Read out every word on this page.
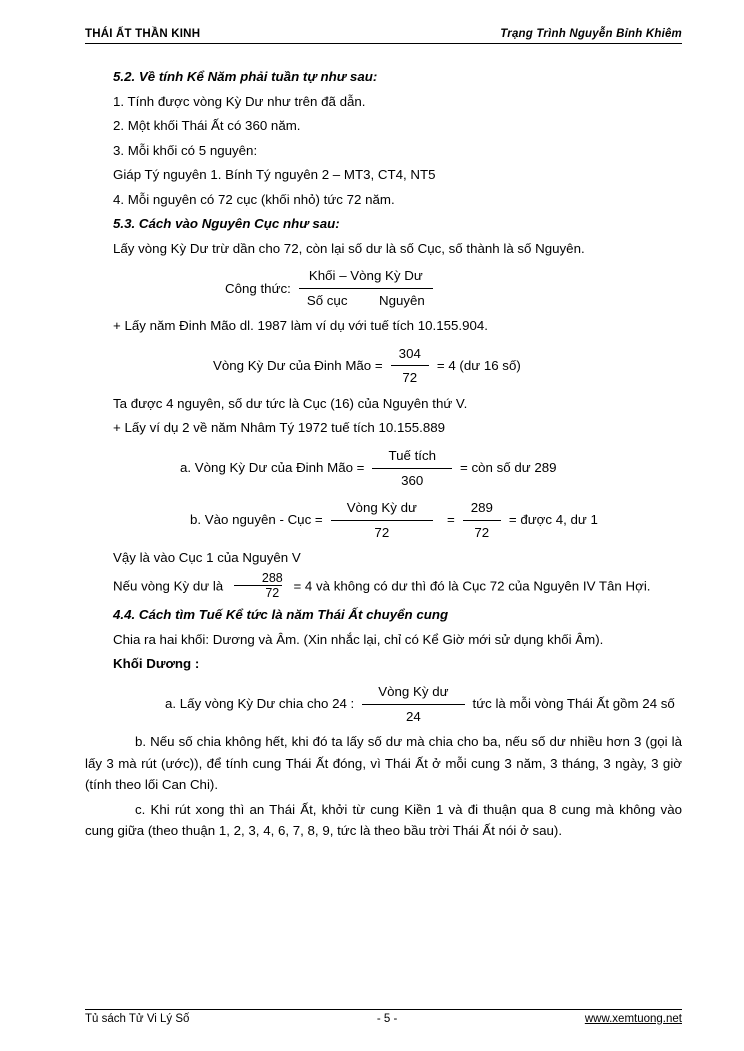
THÁI ẤT THẦN KINH	Trạng Trình Nguyễn Bỉnh Khiêm

5.2. Về tính Kể Năm phải tuần tự như sau:

1. Tính được vòng Kỳ Dư như trên đã dẫn.

2. Một khối Thái Ất có 360 năm.

3. Mỗi khối có 5 nguyên:

Giáp Tý nguyên 1. Bính Tý nguyên 2 – MT3, CT4, NT5

4. Mỗi nguyên có 72 cục (khối nhỏ) tức 72 năm.

5.3. Cách vào Nguyên Cục như sau:

Lấy vòng Kỳ Dư trừ dần cho 72, còn lại số dư là số Cục, số thành là số Nguyên.

Công thức: $\frac{\text{Khối – Vòng Kỳ Dư}}{\text{Số cục Nguyên}}$

+ Lấy năm Đinh Mão dl. 1987 làm ví dụ với tuế tích 10.155.904.

Vòng Kỳ Dư của Đinh Mão = $\frac{304}{72} = 4$ (dư 16 số)

Ta được 4 nguyên, số dư tức là Cục (16) của Nguyên thứ V.

+ Lấy ví dụ 2 về năm Nhâm Tý 1972 tuế tích 10.155.889

a. Vòng Kỳ Dư của Đinh Mão = $\frac{\text{Tuế tích}}{360}$ = còn số dư 289
b. Vào nguyên - Cục = $\frac{\text{Vòng Kỳ dư}}{72} = \frac{289}{72}$ = được 4, dư 1

Vậy là vào Cục 1 của Nguyên V

Nếu vòng Kỳ dư là $\frac{288}{72} = 4$ và không có dư thì đó là Cục 72 của Nguyên IV Tân Hợi.

4.4. Cách tìm Tuế Kể tức là năm Thái Ất chuyển cung

Chia ra hai khối: Dương và Âm. (Xin nhắc lại, chỉ có Kể Giờ mới sử dụng khối Âm).

Khối Dương :

a. Lấy vòng Kỳ Dư chia cho 24 : $\frac{\text{Vòng Kỳ dư}}{24}$ tức là mỗi vòng Thái Ất gồm 24 số

b. Nếu số chia không hết, khi đó ta lấy số dư mà chia cho ba, nếu số dư nhiều hơn 3 (gọi là lấy 3 mà rút (ước)), để tính cung Thái Ất đóng, vì Thái Ất ở mỗi cung 3 năm, 3 tháng, 3 ngày, 3 giờ (tính theo lối Can Chi).

c. Khi rút xong thì an Thái Ất, khởi từ cung Kiền 1 và đi thuận qua 8 cung mà không vào cung giữa (theo thuận 1, 2, 3, 4, 6, 7, 8, 9, tức là theo bầu trời Thái Ất nói ở sau).

Tủ sách Tử Vi Lý Số	- 5 -	www.xemtuong.net
